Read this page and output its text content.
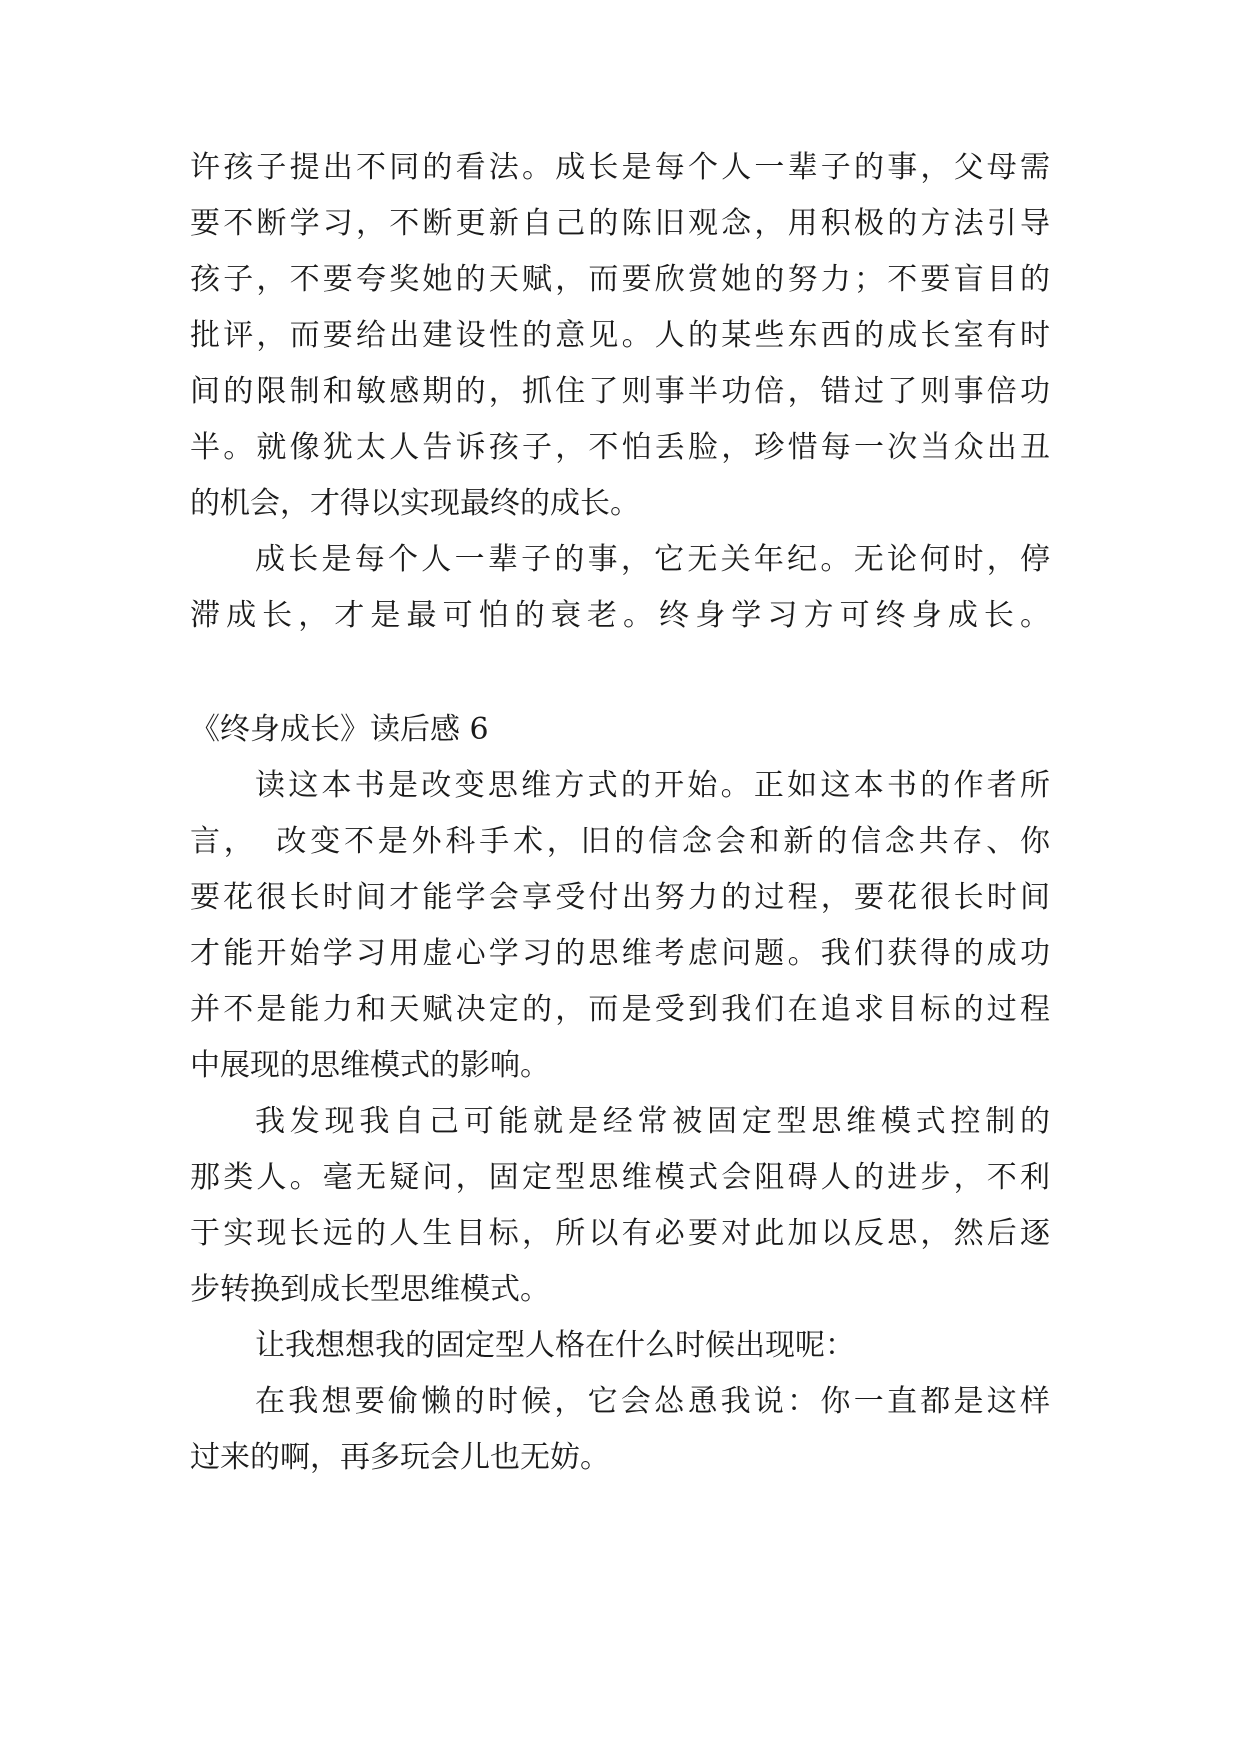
许孩子提出不同的看法。成长是每个人一辈子的事，父母需
要不断学习，不断更新自己的陈旧观念，用积极的方法引导
孩子，不要夸奖她的天赋，而要欣赏她的努力；不要盲目的
批评，而要给出建设性的意见。人的某些东西的成长室有时
间的限制和敏感期的，抓住了则事半功倍，错过了则事倍功
半。就像犹太人告诉孩子，不怕丢脸，珍惜每一次当众出丑
的机会，才得以实现最终的成长。
成长是每个人一辈子的事，它无关年纪。无论何时，停
滞成长，才是最可怕的衰老。终身学习方可终身成长。
《终身成长》读后感 6
读这本书是改变思维方式的开始。正如这本书的作者所
言，　改变不是外科手术，旧的信念会和新的信念共存、你
要花很长时间才能学会享受付出努力的过程，要花很长时间
才能开始学习用虚心学习的思维考虑问题。我们获得的成功
并不是能力和天赋决定的，而是受到我们在追求目标的过程
中展现的思维模式的影响。
我发现我自己可能就是经常被固定型思维模式控制的
那类人。毫无疑问，固定型思维模式会阻碍人的进步，不利
于实现长远的人生目标，所以有必要对此加以反思，然后逐
步转换到成长型思维模式。
让我想想我的固定型人格在什么时候出现呢：
在我想要偷懒的时候，它会怂恿我说：你一直都是这样
过来的啊，再多玩会儿也无妨。
